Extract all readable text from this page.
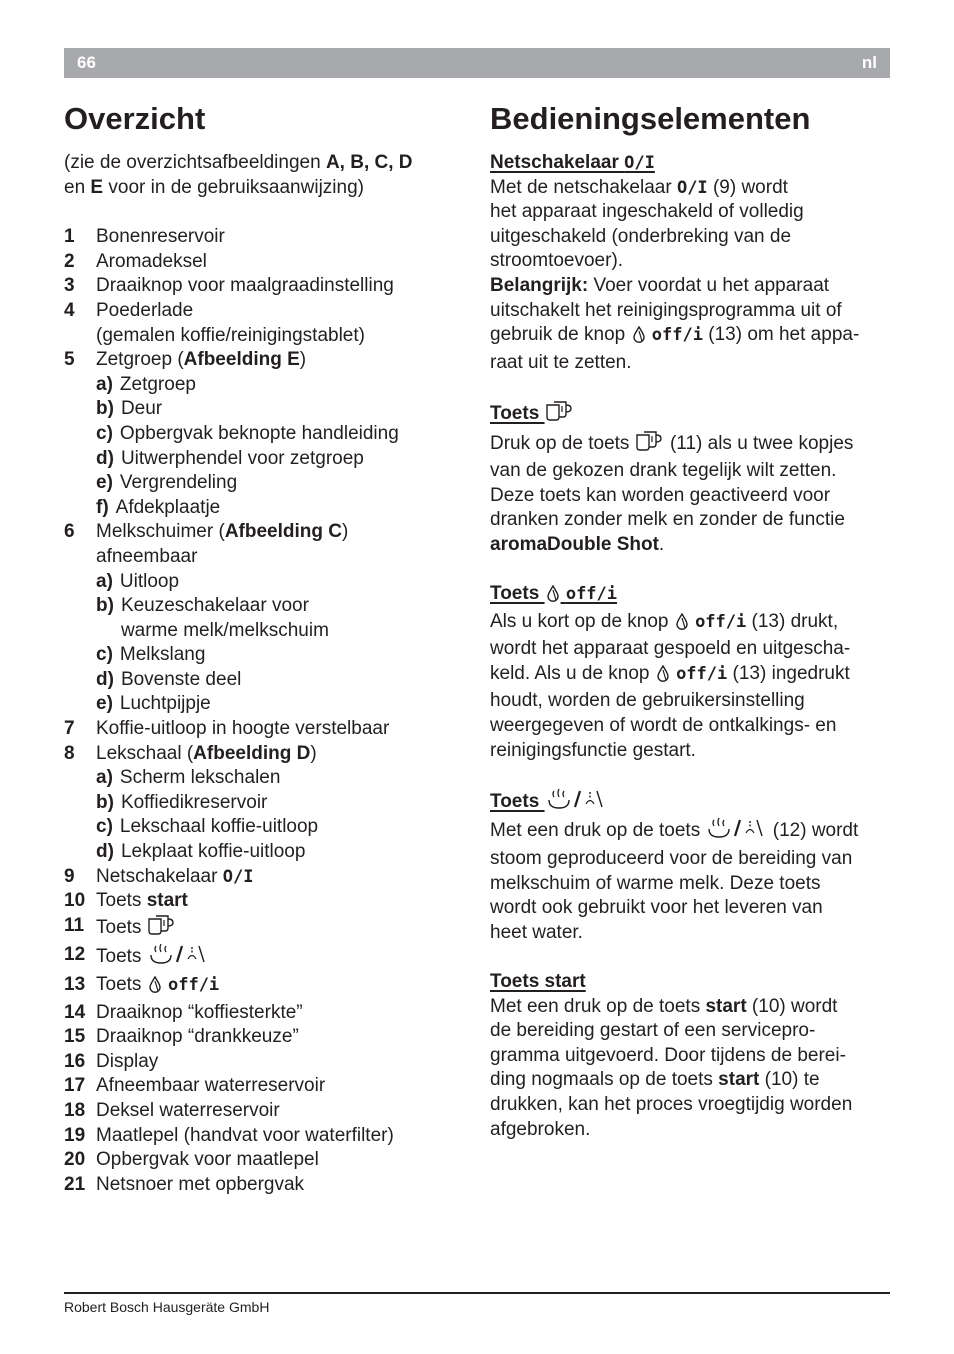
66	nl
Overzicht	Bedieningselementen

(zie de overzichtsafbeeldingen A, B, C, D
en E voor in de gebruiksaanwijzing)

1	Bonenreservoir
2	Aromadeksel
3	Draaiknop voor maalgraadinstelling
4	Poederlade
(gemalen koffie/reinigingstablet)
5	Zetgroep (Afbeelding E)
a) Zetgroep
b) Deur
c) Opbergvak beknopte handleiding
d) Uitwerphendel voor zetgroep
e) Vergrendeling
f) Afdekplaatje
6	Melkschuimer (Afbeelding C)
afneembaar
a) Uitloop
b) Keuzeschakelaar voor
warme melk/melkschuim
c) Melkslang
d) Bovenste deel
e) Luchtpijpje
7	Koffie-uitloop in hoogte verstelbaar
8	Lekschaal (Afbeelding D)
a) Scherm lekschalen
b) Koffiedikreservoir
c) Lekschaal koffie-uitloop
d) Lekplaat koffie-uitloop
9	Netschakelaar O/I
10 Toets start
11 Toets
12 Toets
13 Toets  off/i
14 Draaiknop “koffiesterkte”
15 Draaiknop “drankkeuze”
16 Display
17 Afneembaar waterreservoir
18 Deksel waterreservoir
19 Maatlepel (handvat voor waterfilter)
20 Opbergvak voor maatlepel
21 Netsnoer met opbergvak
Netschakelaar O/I
Met de netschakelaar O/I (9) wordt
het apparaat ingeschakeld of volledig
uitgeschakeld (onderbreking van de
stroomtoevoer).
Belangrijk: Voer voordat u het apparaat
uitschakelt het reinigingsprogramma uit of
gebruik de knop  off/i (13) om het appa-
raat uit te zetten.
Toets
Druk op de toets  (11) als u twee kopjes
van de gekozen drank tegelijk wilt zetten.
Deze toets kan worden geactiveerd voor
dranken zonder melk en zonder de functie
aromaDouble Shot.
Toets  off/i
Als u kort op de knop  off/i (13) drukt,
wordt het apparaat gespoeld en uitgescha-
keld. Als u de knop  off/i (13) ingedrukt
houdt, worden de gebruikersinstelling
weergegeven of wordt de ontkalkings- en
reinigingsfunctie gestart.
Toets
Met een druk op de toets	(12) wordt
stoom geproduceerd voor de bereiding van
melkschuim of warme melk. Deze toets
wordt ook gebruikt voor het leveren van
heet water.
Toets start
Met een druk op de toets start (10) wordt
de bereiding gestart of een servicepro-
gramma uitgevoerd. Door tijdens de berei-
ding nogmaals op de toets start (10) te
drukken, kan het proces vroegtijdig worden
afgebroken.
Robert Bosch Hausgeräte GmbH
